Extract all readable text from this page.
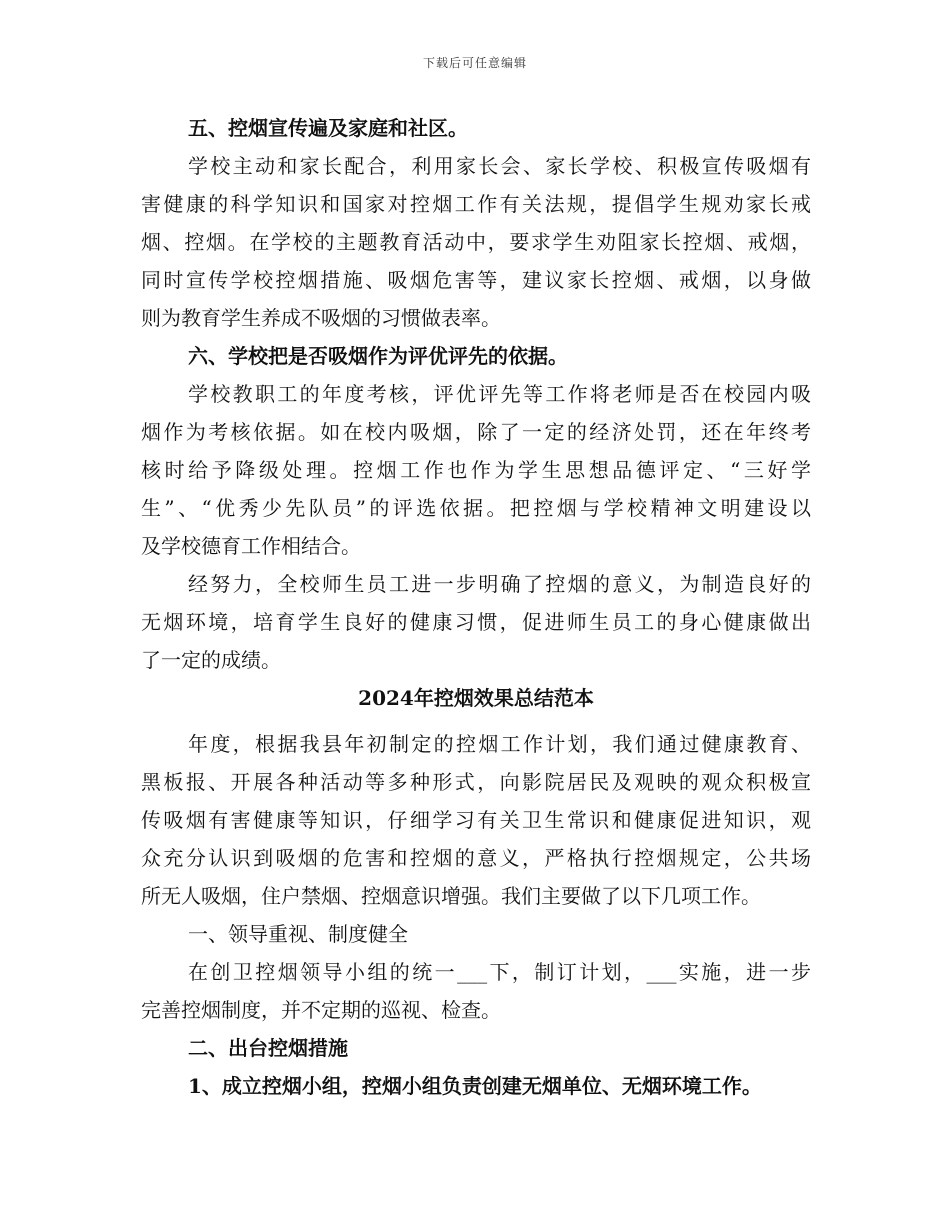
下载后可任意编辑
五、控烟宣传遍及家庭和社区。
学校主动和家长配合，利用家长会、家长学校、积极宣传吸烟有
害健康的科学知识和国家对控烟工作有关法规，提倡学生规劝家长戒
烟、控烟。在学校的主题教育活动中，要求学生劝阻家长控烟、戒烟，
同时宣传学校控烟措施、吸烟危害等，建议家长控烟、戒烟，以身做
则为教育学生养成不吸烟的习惯做表率。
六、学校把是否吸烟作为评优评先的依据。
学校教职工的年度考核，评优评先等工作将老师是否在校园内吸
烟作为考核依据。如在校内吸烟，除了一定的经济处罚，还在年终考
核时给予降级处理。控烟工作也作为学生思想品德评定、“三好学
生”、“优秀少先队员”的评选依据。把控烟与学校精神文明建设以
及学校德育工作相结合。
经努力，全校师生员工进一步明确了控烟的意义，为制造良好的
无烟环境，培育学生良好的健康习惯，促进师生员工的身心健康做出
了一定的成绩。
2024年控烟效果总结范本
年度，根据我县年初制定的控烟工作计划，我们通过健康教育、
黑板报、开展各种活动等多种形式，向影院居民及观映的观众积极宣
传吸烟有害健康等知识，仔细学习有关卫生常识和健康促进知识，观
众充分认识到吸烟的危害和控烟的意义，严格执行控烟规定，公共场
所无人吸烟，住户禁烟、控烟意识增强。我们主要做了以下几项工作。
一、领导重视、制度健全
在创卫控烟领导小组的统一___下，制订计划，___实施，进一步
完善控烟制度，并不定期的巡视、检查。
二、出台控烟措施
1、成立控烟小组，控烟小组负责创建无烟单位、无烟环境工作。
